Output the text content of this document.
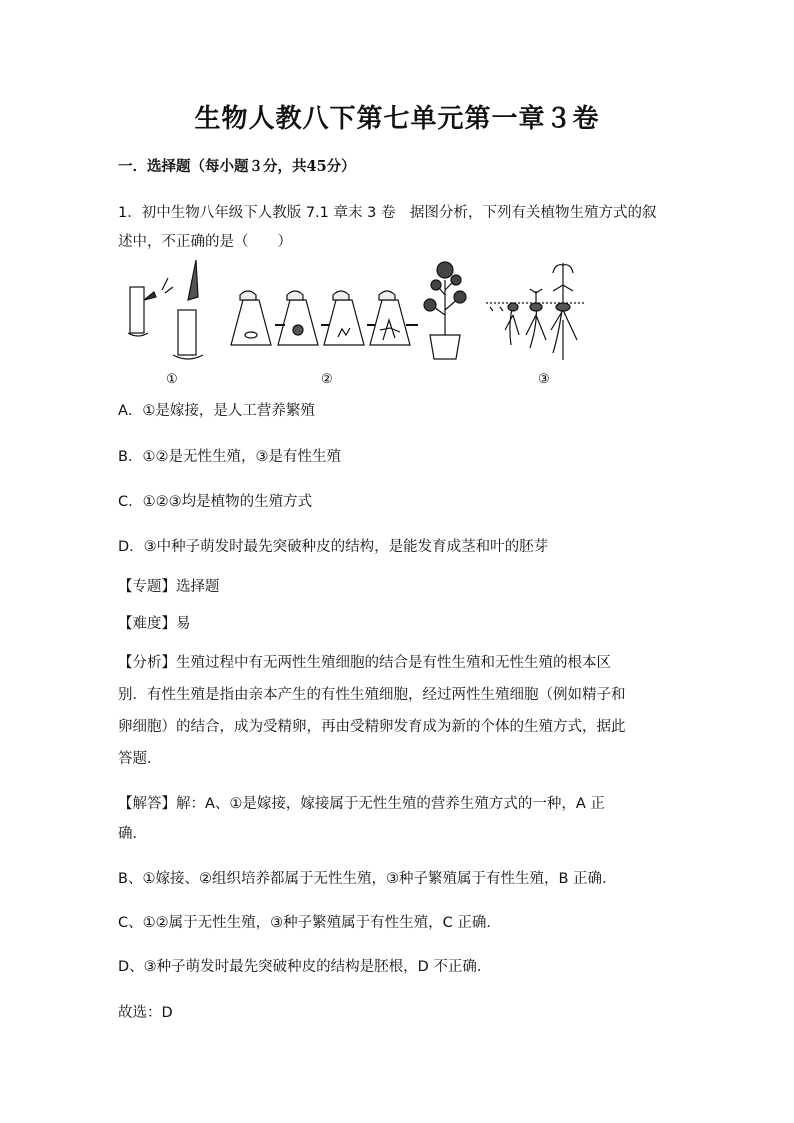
生物人教八下第七单元第一章３卷
一．选择题（每小题３分，共45分）
1．初中生物八年级下人教版 7.1 章末 3 卷　据图分析，下列有关植物生殖方式的叙
述中，不正确的是（　　）
①	②	③
A．①是嫁接，是人工营养繁殖
B．①②是无性生殖，③是有性生殖
C．①②③均是植物的生殖方式
D．③中种子萌发时最先突破种皮的结构，是能发育成茎和叶的胚芽
【专题】选择题
【难度】易
【分析】生殖过程中有无两性生殖细胞的结合是有性生殖和无性生殖的根本区
别．有性生殖是指由亲本产生的有性生殖细胞，经过两性生殖细胞（例如精子和
卵细胞）的结合，成为受精卵，再由受精卵发育成为新的个体的生殖方式，据此
答题．
【解答】解：A、①是嫁接，嫁接属于无性生殖的营养生殖方式的一种，A 正
确．
B、①嫁接、②组织培养都属于无性生殖，③种子繁殖属于有性生殖，B 正确．
C、①②属于无性生殖，③种子繁殖属于有性生殖，C 正确．
D、③种子萌发时最先突破种皮的结构是胚根，D 不正确．
故选：D
